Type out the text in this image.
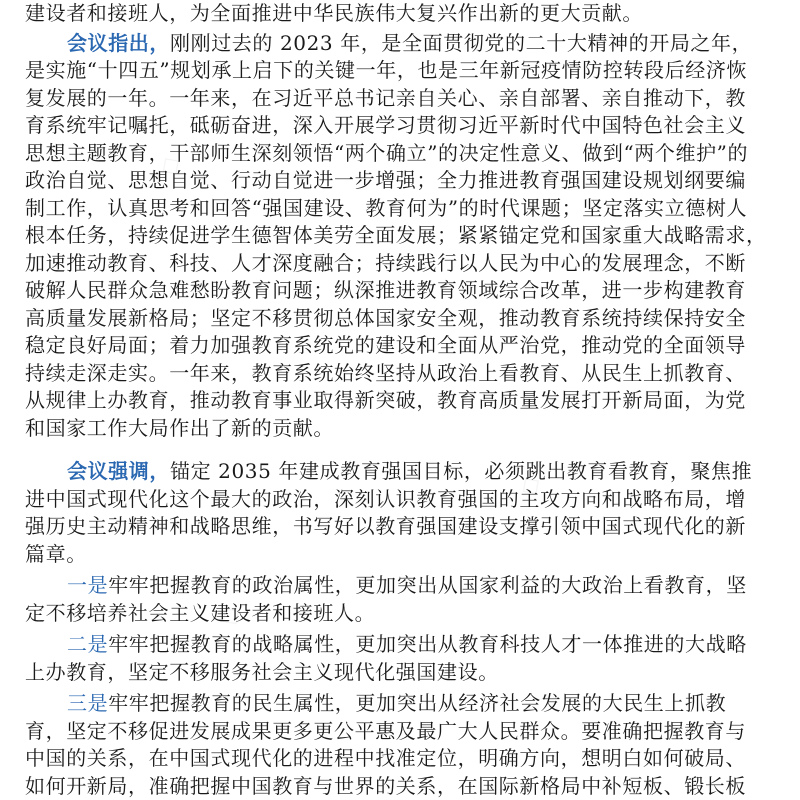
建设者和接班人，为全面推进中华民族伟大复兴作出新的更大贡献。
会议指出，刚刚过去的 2023 年，是全面贯彻党的二十大精神的开局之年，
是实施“十四五”规划承上启下的关键一年，也是三年新冠疫情防控转段后经济恢
复发展的一年。一年来，在习近平总书记亲自关心、亲自部署、亲自推动下，教
育系统牢记嘱托，砥砺奋进，深入开展学习贯彻习近平新时代中国特色社会主义
思想主题教育，干部师生深刻领悟“两个确立”的决定性意义、做到“两个维护”的
政治自觉、思想自觉、行动自觉进一步增强；全力推进教育强国建设规划纲要编
制工作，认真思考和回答“强国建设、教育何为”的时代课题；坚定落实立德树人
根本任务，持续促进学生德智体美劳全面发展；紧紧锚定党和国家重大战略需求，
加速推动教育、科技、人才深度融合；持续践行以人民为中心的发展理念，不断
破解人民群众急难愁盼教育问题；纵深推进教育领域综合改革，进一步构建教育
高质量发展新格局；坚定不移贯彻总体国家安全观，推动教育系统持续保持安全
稳定良好局面；着力加强教育系统党的建设和全面从严治党，推动党的全面领导
持续走深走实。一年来，教育系统始终坚持从政治上看教育、从民生上抓教育、
从规律上办教育，推动教育事业取得新突破，教育高质量发展打开新局面，为党
和国家工作大局作出了新的贡献。
会议强调，锚定 2035 年建成教育强国目标，必须跳出教育看教育，聚焦推
进中国式现代化这个最大的政治，深刻认识教育强国的主攻方向和战略布局，增
强历史主动精神和战略思维，书写好以教育强国建设支撑引领中国式现代化的新
篇章。
一是牢牢把握教育的政治属性，更加突出从国家利益的大政治上看教育，坚
定不移培养社会主义建设者和接班人。
二是牢牢把握教育的战略属性，更加突出从教育科技人才一体推进的大战略
上办教育，坚定不移服务社会主义现代化强国建设。
三是牢牢把握教育的民生属性，更加突出从经济社会发展的大民生上抓教
育，坚定不移促进发展成果更多更公平惠及最广大人民群众。要准确把握教育与
中国的关系，在中国式现代化的进程中找准定位，明确方向，想明白如何破局、
如何开新局，准确把握中国教育与世界的关系，在国际新格局中补短板、锻长板
